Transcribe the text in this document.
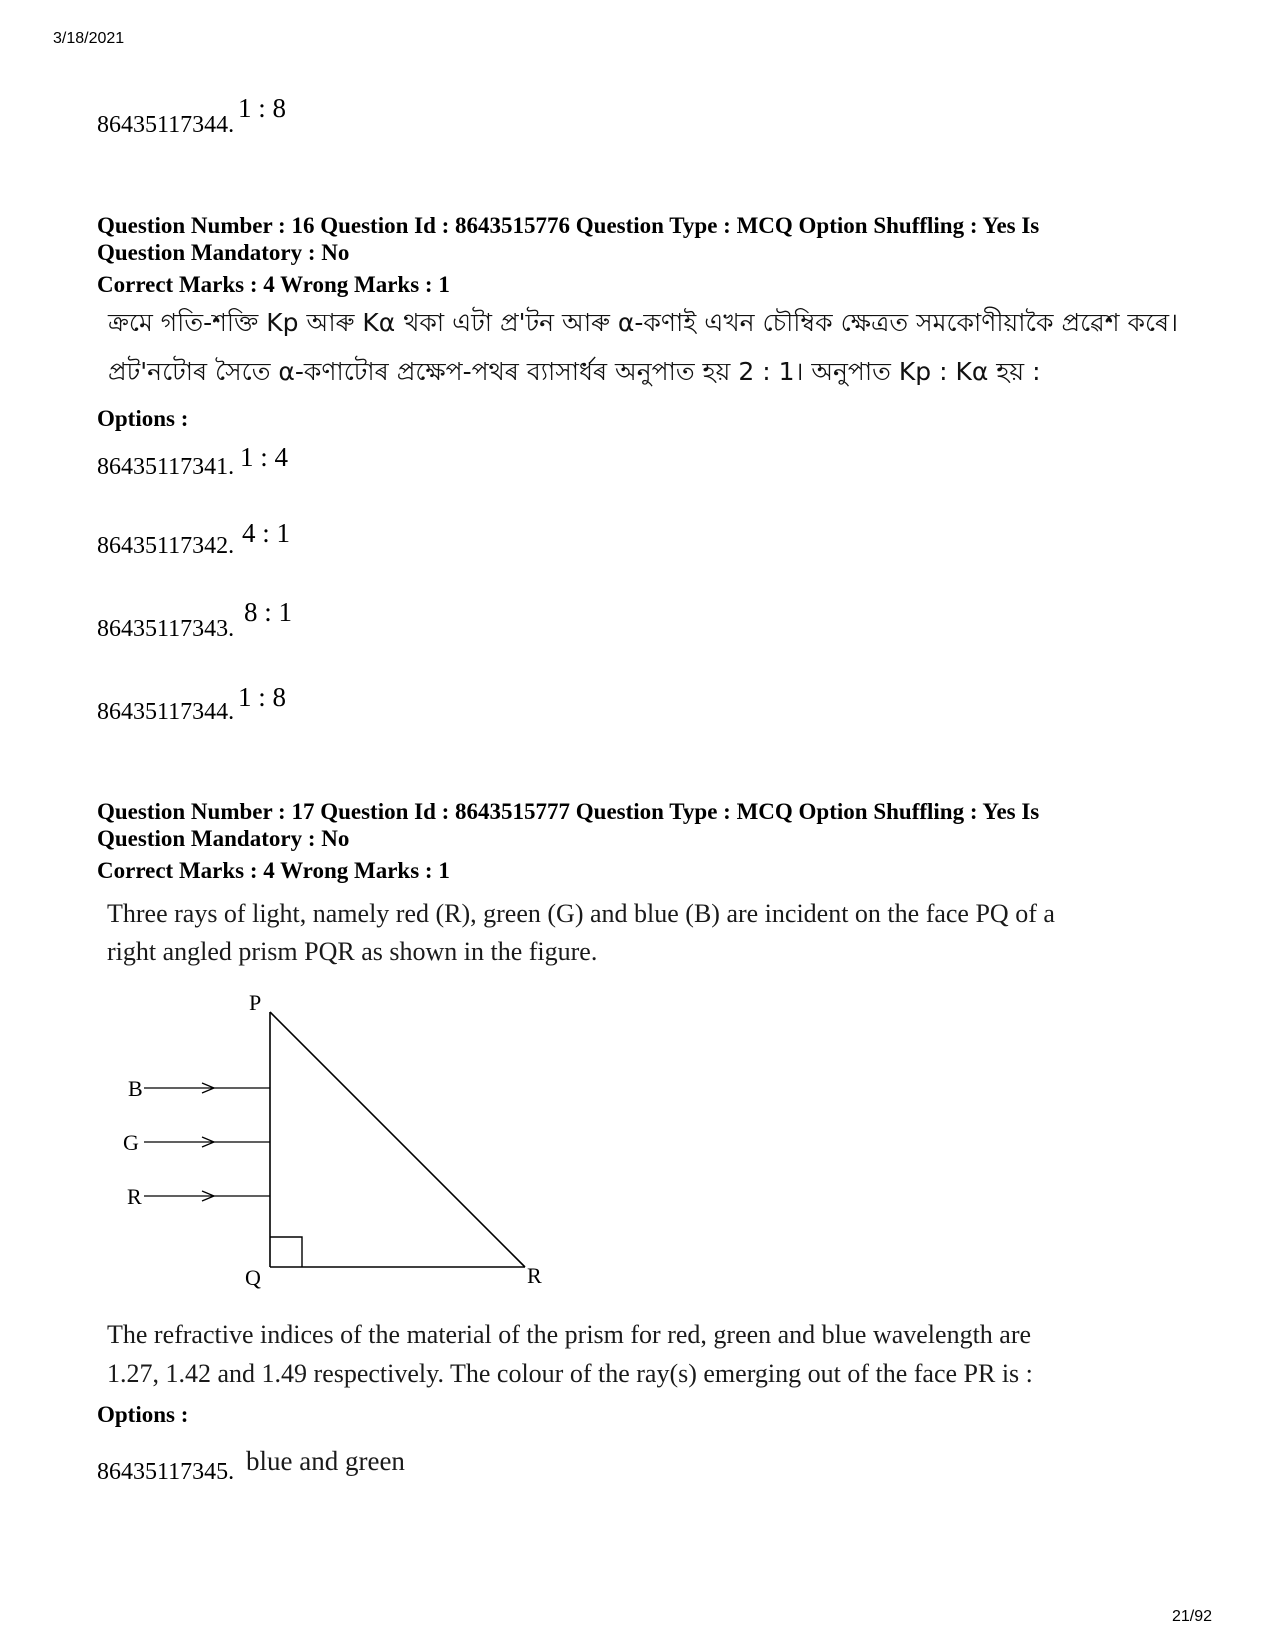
3/18/2021
86435117344.
1 : 8
Question Number : 16 Question Id : 8643515776 Question Type : MCQ Option Shuffling : Yes Is
Question Mandatory : No
Correct Marks : 4 Wrong Marks : 1
ক্ৰমে গতি-শক্তি Kp আৰু Kα থকা এটা প্ৰ'টন আৰু α-কণাই এখন চৌম্বিক ক্ষেত্ৰত সমকোণীয়াকৈ প্ৰৱেশ কৰে।
প্ৰট'নটোৰ সৈতে α-কণাটোৰ প্ৰক্ষেপ-পথৰ ব্যাসাৰ্ধৰ অনুপাত হয় 2 : 1। অনুপাত Kp : Kα হয় :
Options :
86435117341. 1 : 4
86435117342. 4 : 1
86435117343.
8 : 1
86435117344. 1 : 8
Question Number : 17 Question Id : 8643515777 Question Type : MCQ Option Shuffling : Yes Is
Question Mandatory : No
Correct Marks : 4 Wrong Marks : 1
Three rays of light, namely red (R), green (G) and blue (B) are incident on the face PQ of a
right angled prism PQR as shown in the figure.
P
Q	R
B
G
R
The refractive indices of the material of the prism for red, green and blue wavelength are
1.27, 1.42 and 1.49 respectively. The colour of the ray(s) emerging out of the face PR is :
Options :
86435117345. blue and green
21/92
